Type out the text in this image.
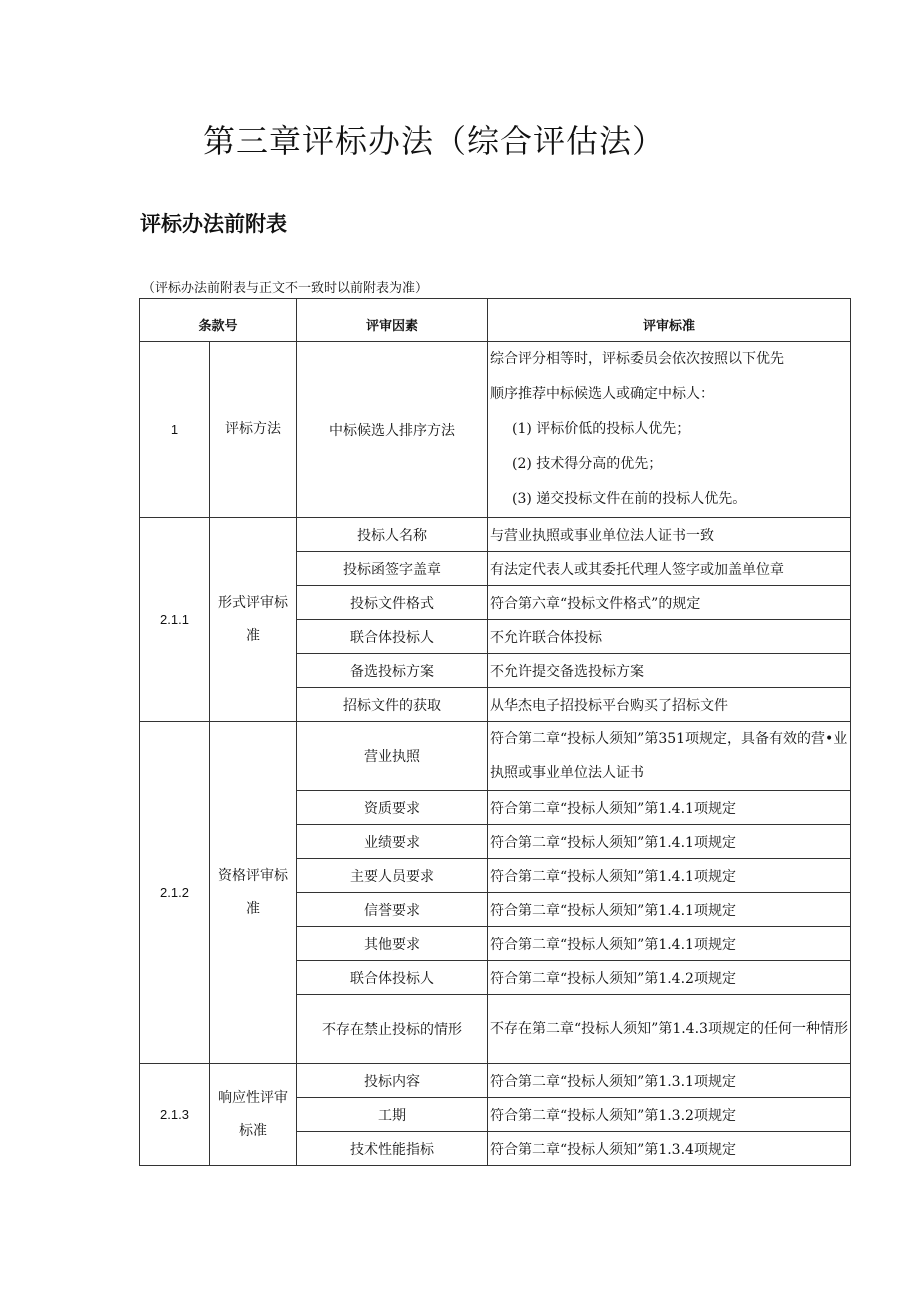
第三章评标办法（综合评估法）
评标办法前附表
（评标办法前附表与正文不一致时以前附表为准）
条款号		评审因素	评审标准
1	评标方法	中标候选人排序方法	综合评分相等时，评标委员会依次按照以下优先
顺序推荐中标候选人或确定中标人：
(1) 评标价低的投标人优先；
(2) 技术得分高的优先；
(3) 递交投标文件在前的投标人优先。

2.1.1	形式评审标准	投标人名称	与营业执照或事业单位法人证书一致
		投标函签字盖章	有法定代表人或其委托代理人签字或加盖单位章
		投标文件格式	符合第六章“投标文件格式”的规定
		联合体投标人	不允许联合体投标
		备选投标方案	不允许提交备选投标方案
		招标文件的获取	从华杰电子招投标平台购买了招标文件
2.1.2	资格评审标准	营业执照	符合第二章“投标人须知”第351项规定，具备有效的营•业执照或事业单位法人证书
		资质要求	符合第二章“投标人须知”第1.4.1项规定
		业绩要求	符合第二章“投标人须知”第1.4.1项规定
		主要人员要求	符合第二章“投标人须知”第1.4.1项规定
		信誉要求	符合第二章“投标人须知”第1.4.1项规定
		其他要求	符合第二章“投标人须知”第1.4.1项规定
		联合体投标人	符合第二章“投标人须知”第1.4.2项规定
		不存在禁止投标的情形	不存在第二章“投标人须知”第1.4.3项规定的任何一种情形
2.1.3	响应性评审标准	投标内容	符合第二章“投标人须知”第1.3.1项规定
		工期	符合第二章“投标人须知”第1.3.2项规定
		技术性能指标	符合第二章“投标人须知”第1.3.4项规定
